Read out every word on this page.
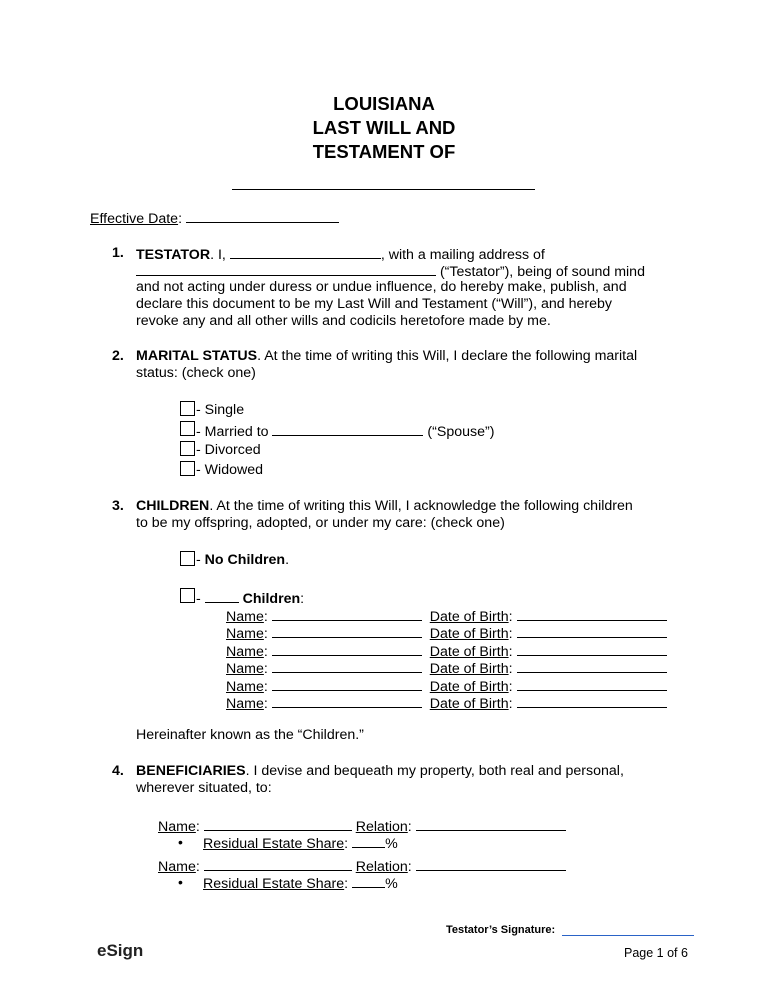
LOUISIANA
LAST WILL AND
TESTAMENT OF
Effective Date:
1. TESTATOR. I,	, with a mailing address of
(“Testator”), being of sound mind
and not acting under duress or undue influence, do hereby make, publish, and
declare this document to be my Last Will and Testament (“Will”), and hereby
revoke any and all other wills and codicils heretofore made by me.
2. MARITAL STATUS. At the time of writing this Will, I declare the following marital
status: (check one)
- Single
- Married to	(“Spouse”)
- Divorced
- Widowed
3. CHILDREN. At the time of writing this Will, I acknowledge the following children
to be my offspring, adopted, or under my care: (check one)
- No Children.
-	Children:
Name:	Date of Birth:
Name:	Date of Birth:
Name:	Date of Birth:
Name:	Date of Birth:
Name:	Date of Birth:
Name:	Date of Birth:
Hereinafter known as the “Children.”
4. BENEFICIARIES. I devise and bequeath my property, both real and personal,
wherever situated, to:
Name:	Relation:
• Residual Estate Share: %
Name:	Relation:
• Residual Estate Share: %
Testator’s Signature:
eSign	Page 1 of 6
